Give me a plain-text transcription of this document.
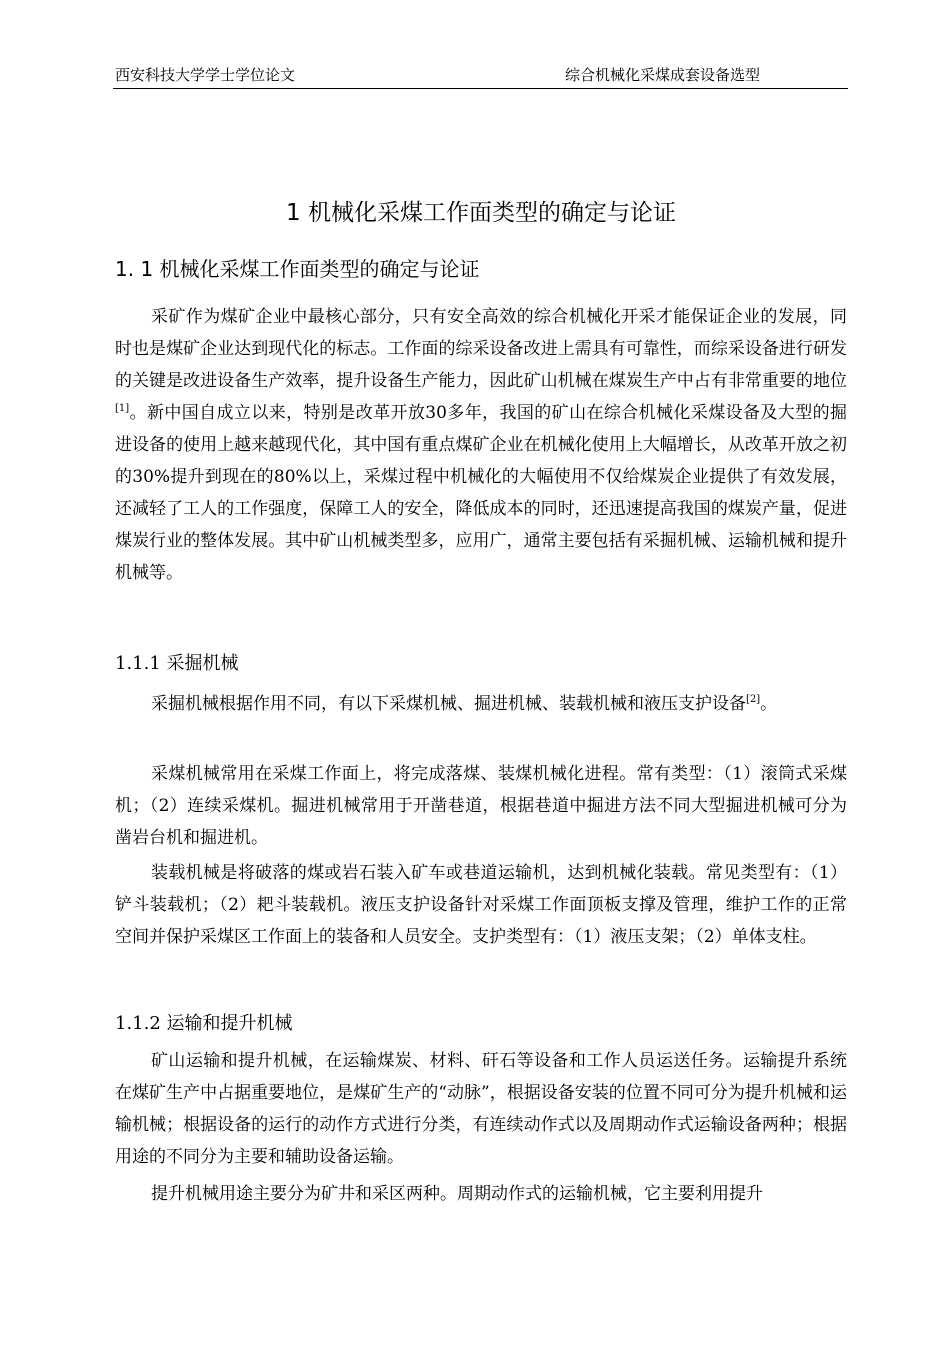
西安科技大学学士学位论文	综合机械化采煤成套设备选型
1 机械化采煤工作面类型的确定与论证
1. 1 机械化采煤工作面类型的确定与论证

采矿作为煤矿企业中最核心部分，只有安全高效的综合机械化开采才能保证企业的发展，同时也是煤矿企业达到现代化的标志。工作面的综采设备改进上需具有可靠性，而综采设备进行研发的关键是改进设备生产效率，提升设备生产能力，因此矿山机械在煤炭生产中占有非常重要的地位[1]。新中国自成立以来，特别是改革开放30多年，我国的矿山在综合机械化采煤设备及大型的掘进设备的使用上越来越现代化，其中国有重点煤矿企业在机械化使用上大幅增长，从改革开放之初的30%提升到现在的80%以上，采煤过程中机械化的大幅使用不仅给煤炭企业提供了有效发展，还减轻了工人的工作强度，保障工人的安全，降低成本的同时，还迅速提高我国的煤炭产量，促进煤炭行业的整体发展。其中矿山机械类型多，应用广，通常主要包括有采掘机械、运输机械和提升机械等。

1.1.1 采掘机械

采掘机械根据作用不同，有以下采煤机械、掘进机械、装载机械和液压支护设备[2]。

采煤机械常用在采煤工作面上，将完成落煤、装煤机械化进程。常有类型：（1）滚筒式采煤机；（2）连续采煤机。掘进机械常用于开凿巷道，根据巷道中掘进方法不同大型掘进机械可分为凿岩台机和掘进机。

装载机械是将破落的煤或岩石装入矿车或巷道运输机，达到机械化装载。常见类型有：（1）铲斗装载机；（2）耙斗装载机。液压支护设备针对采煤工作面顶板支撑及管理，维护工作的正常空间并保护采煤区工作面上的装备和人员安全。支护类型有：（1）液压支架；（2）单体支柱。

1.1.2 运输和提升机械

矿山运输和提升机械，在运输煤炭、材料、矸石等设备和工作人员运送任务。运输提升系统在煤矿生产中占据重要地位，是煤矿生产的“动脉”，根据设备安装的位置不同可分为提升机械和运输机械；根据设备的运行的动作方式进行分类，有连续动作式以及周期动作式运输设备两种；根据用途的不同分为主要和辅助设备运输。

提升机械用途主要分为矿井和采区两种。周期动作式的运输机械，它主要利用提升
